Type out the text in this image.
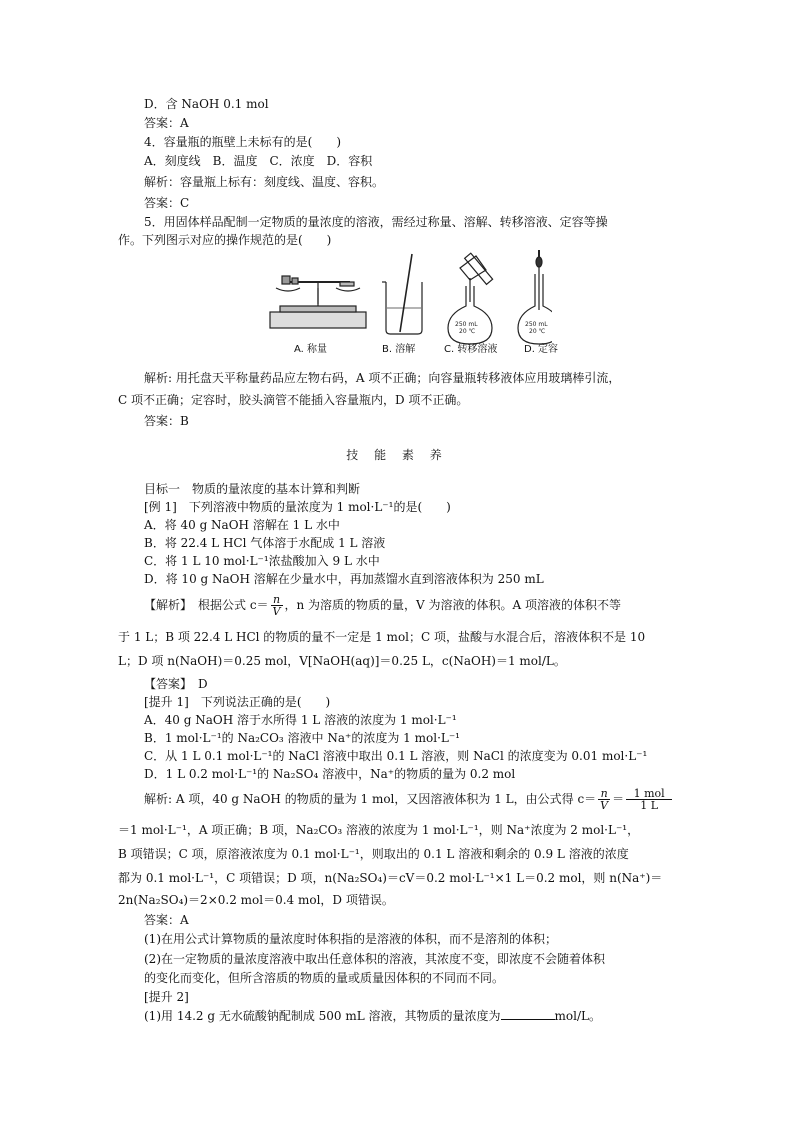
D．含 NaOH 0.1 mol
答案：A
4．容量瓶的瓶壁上未标有的是(　　)
A．刻度线　B．温度　C．浓度　D．容积
解析：容量瓶上标有：刻度线、温度、容积。
答案：C
5．用固体样品配制一定物质的量浓度的溶液，需经过称量、溶解、转移溶液、定容等操
作。下列图示对应的操作规范的是(　　)
250 mL
20 ℃
250 mL
20 ℃
A. 称量	B. 溶解	C. 转移溶液	D. 定容
解析: 用托盘天平称量药品应左物右码，A 项不正确；向容量瓶转移液体应用玻璃棒引流，
C 项不正确；定容时，胶头滴管不能插入容量瓶内，D 项不正确。
答案：B
技 能 素 养
目标一　物质的量浓度的基本计算和判断
[例 1]　下列溶液中物质的量浓度为 1 mol·L⁻¹的是(　　)
A．将 40 g NaOH 溶解在 1 L 水中
B．将 22.4 L HCl 气体溶于水配成 1 L 溶液
C．将 1 L 10 mol·L⁻¹浓盐酸加入 9 L 水中
D．将 10 g NaOH 溶解在少量水中，再加蒸馏水直到溶液体积为 250 mL
【解析】　根据公式 $c= \frac{n}{V}$ ，n 为溶质的物质的量，V 为溶液的体积。A 项溶液的体积不等
于 1 L；B 项 22.4 L HCl 的物质的量不一定是 1 mol；C 项，盐酸与水混合后，溶液体积不是 10
L；D 项 n(NaOH)＝0.25 mol，V[NaOH(aq)]＝0.25 L，c(NaOH)＝1 mol/L。
【答案】　D
[提升 1]　下列说法正确的是(　　)
A．40 g NaOH 溶于水所得 1 L 溶液的浓度为 1 mol·L⁻¹
B．1 mol·L⁻¹的 Na₂CO₃ 溶液中 Na⁺的浓度为 1 mol·L⁻¹
C．从 1 L 0.1 mol·L⁻¹的 NaCl 溶液中取出 0.1 L 溶液，则 NaCl 的浓度变为 0.01 mol·L⁻¹
D．1 L 0.2 mol·L⁻¹的 Na₂SO₄ 溶液中，Na⁺的物质的量为 0.2 mol
解析: A 项，40 g NaOH 的物质的量为 1 mol，又因溶液体积为 1 L，由公式得 $c= \frac{n}{V} = \frac{\text{1 mol}}{1 L}$
＝1 mol·L⁻¹，A 项正确；B 项，Na₂CO₃ 溶液的浓度为 1 mol·L⁻¹，则 Na⁺浓度为 2 mol·L⁻¹，
B 项错误；C 项，原溶液浓度为 0.1 mol·L⁻¹，则取出的 0.1 L 溶液和剩余的 0.9 L 溶液的浓度
都为 0.1 mol·L⁻¹，C 项错误；D 项，n(Na₂SO₄)＝cV＝0.2 mol·L⁻¹×1 L＝0.2 mol，则 n(Na⁺)＝
2n(Na₂SO₄)＝2×0.2 mol＝0.4 mol，D 项错误。
答案：A
(1)在用公式计算物质的量浓度时体积指的是溶液的体积，而不是溶剂的体积；
(2)在一定物质的量浓度溶液中取出任意体积的溶液，其浓度不变，即浓度不会随着体积
的变化而变化，但所含溶质的物质的量或质量因体积的不同而不同。
[提升 2]
(1)用 14.2 g 无水硫酸钠配制成 500 mL 溶液，其物质的量浓度为	mol/L。
